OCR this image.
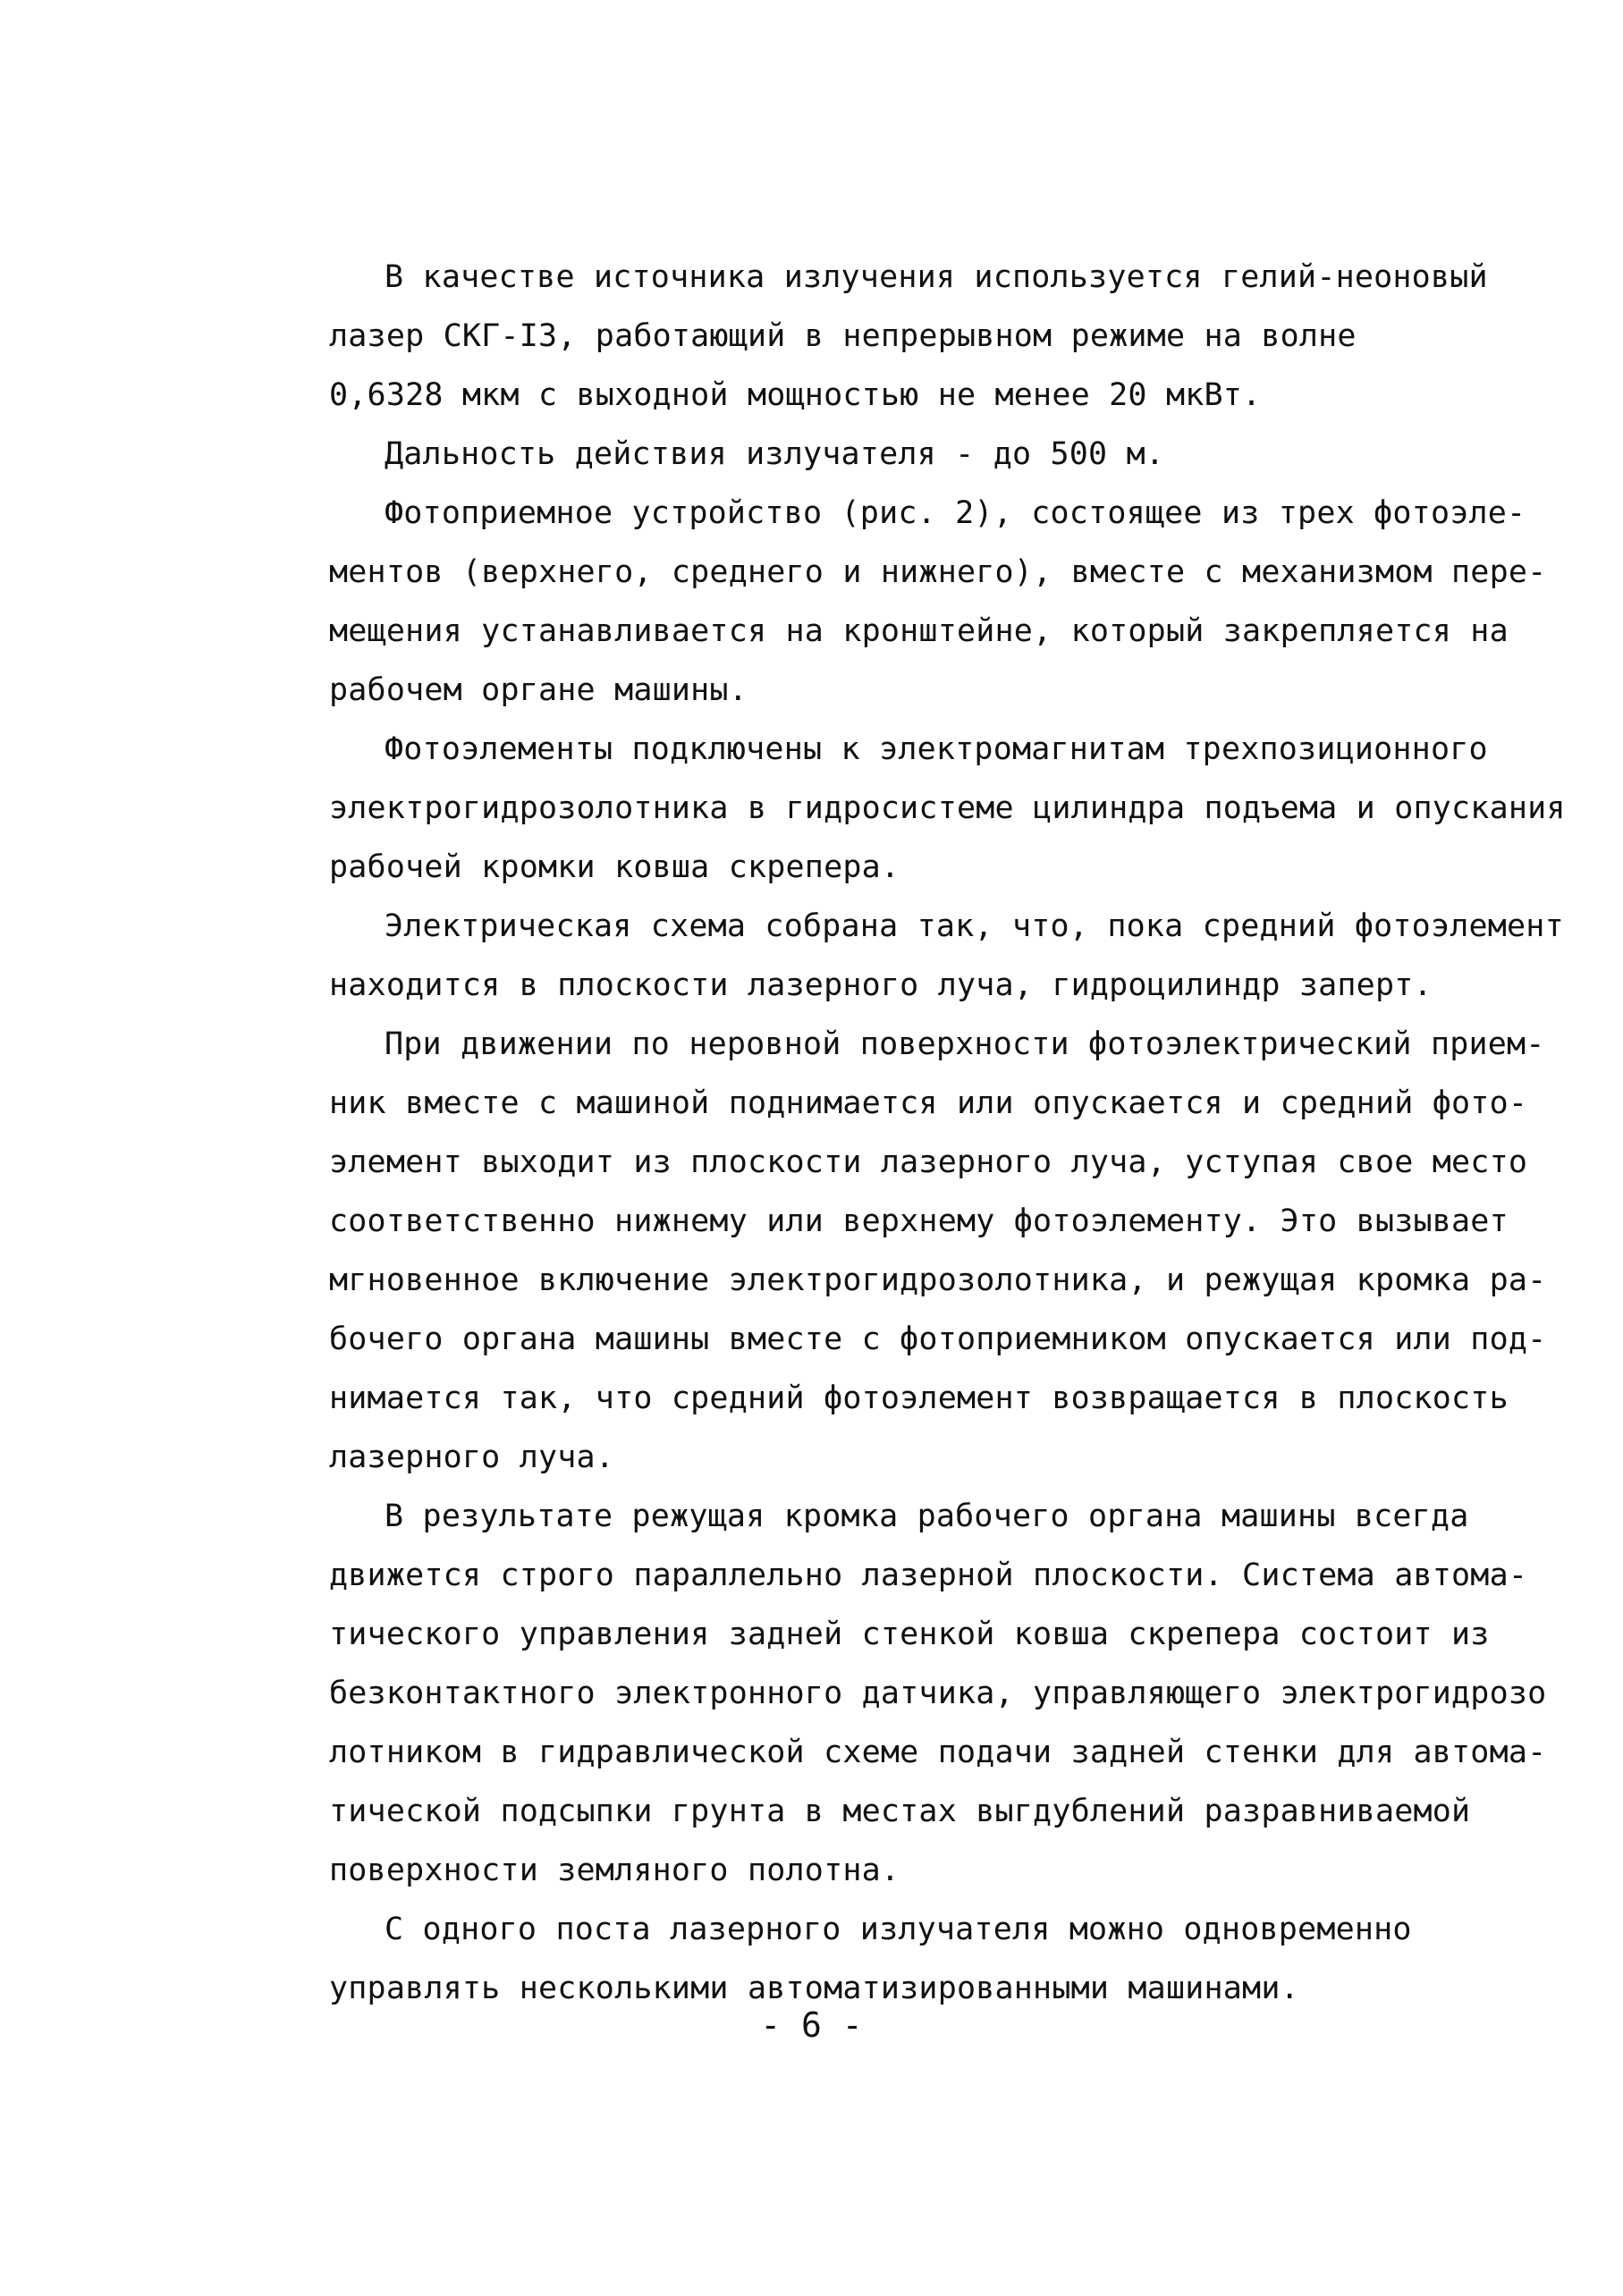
В качестве источника излучения используется гелий-неоновый
лазер СКГ-I3, работающий в непрерывном режиме на волне
0,6328 мкм с выходной мощностью не менее 20 мкВт.
Дальность действия излучателя - до 500 м.
Фотоприемное устройство (рис. 2), состоящее из трех фотоэле-
ментов (верхнего, среднего и нижнего), вместе с механизмом пере-
мещения устанавливается на кронштейне, который закрепляется на
рабочем органе машины.
Фотоэлементы подключены к электромагнитам трехпозиционного
электрогидрозолотника в гидросистеме цилиндра подъема и опускания
рабочей кромки ковша скрепера.
Электрическая схема собрана так, что, пока средний фотоэлемент
находится в плоскости лазерного луча, гидроцилиндр заперт.
При движении по неровной поверхности фотоэлектрический прием-
ник вместе с машиной поднимается или опускается и средний фото-
элемент выходит из плоскости лазерного луча, уступая свое место
соответственно нижнему или верхнему фотоэлементу. Это вызывает
мгновенное включение электрогидрозолотника, и режущая кромка ра-
бочего органа машины вместе с фотоприемником опускается или под-
нимается так, что средний фотоэлемент возвращается в плоскость
лазерного луча.
В результате режущая кромка рабочего органа машины всегда
движется строго параллельно лазерной плоскости. Система автома-
тического управления задней стенкой ковша скрепера состоит из
безконтактного электронного датчика, управляющего электрогидрозо
лотником в гидравлической схеме подачи задней стенки для автома-
тической подсыпки грунта в местах выгдублений разравниваемой
поверхности земляного полотна.
С одного поста лазерного излучателя можно одновременно
управлять несколькими автоматизированными машинами.
- 6 -
